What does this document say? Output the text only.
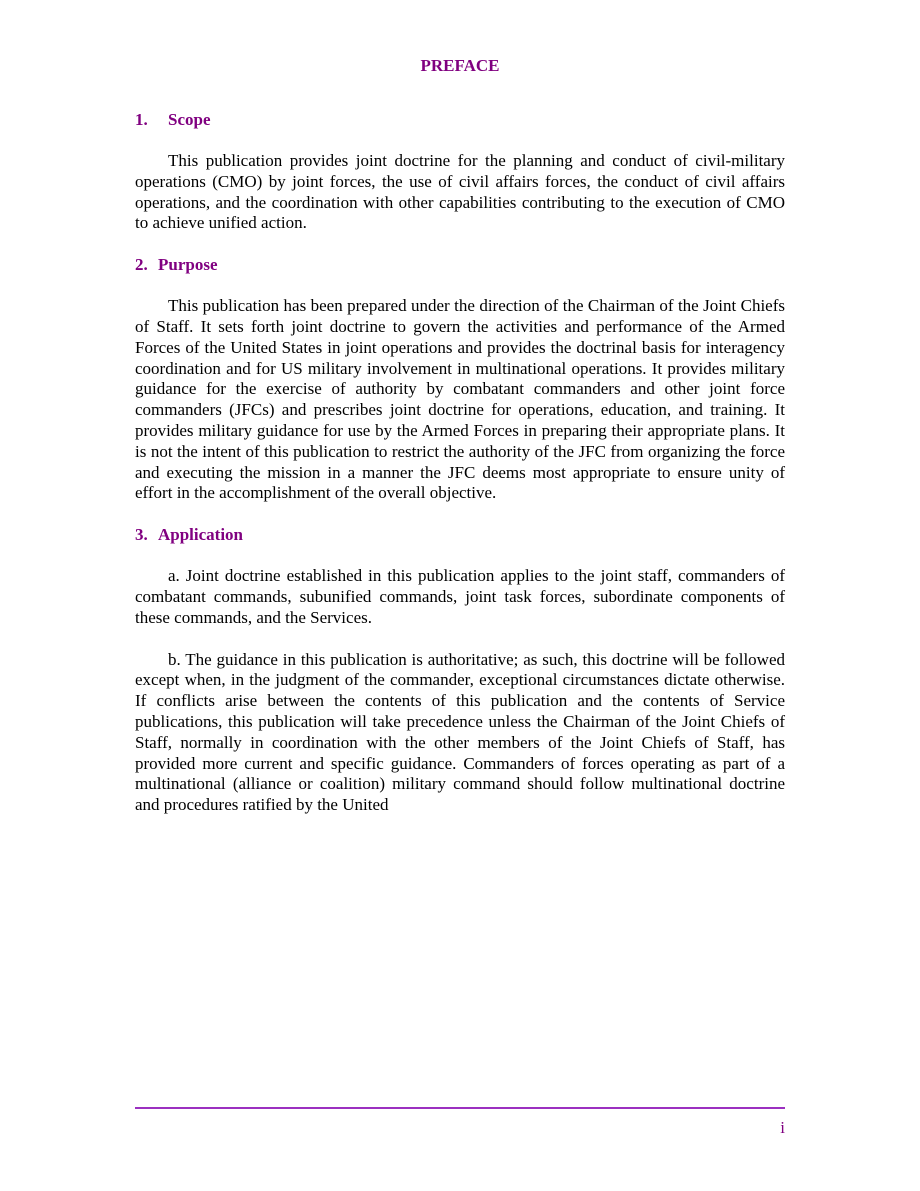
PREFACE
1. Scope

This publication provides joint doctrine for the planning and conduct of civil-military operations (CMO) by joint forces, the use of civil affairs forces, the conduct of civil affairs operations, and the coordination with other capabilities contributing to the execution of CMO to achieve unified action.

2. Purpose

This publication has been prepared under the direction of the Chairman of the Joint Chiefs of Staff. It sets forth joint doctrine to govern the activities and performance of the Armed Forces of the United States in joint operations and provides the doctrinal basis for interagency coordination and for US military involvement in multinational operations. It provides military guidance for the exercise of authority by combatant commanders and other joint force commanders (JFCs) and prescribes joint doctrine for operations, education, and training. It provides military guidance for use by the Armed Forces in preparing their appropriate plans. It is not the intent of this publication to restrict the authority of the JFC from organizing the force and executing the mission in a manner the JFC deems most appropriate to ensure unity of effort in the accomplishment of the overall objective.

3. Application

a. Joint doctrine established in this publication applies to the joint staff, commanders of combatant commands, subunified commands, joint task forces, subordinate components of these commands, and the Services.

b. The guidance in this publication is authoritative; as such, this doctrine will be followed except when, in the judgment of the commander, exceptional circumstances dictate otherwise. If conflicts arise between the contents of this publication and the contents of Service publications, this publication will take precedence unless the Chairman of the Joint Chiefs of Staff, normally in coordination with the other members of the Joint Chiefs of Staff, has provided more current and specific guidance. Commanders of forces operating as part of a multinational (alliance or coalition) military command should follow multinational doctrine and procedures ratified by the United

i
